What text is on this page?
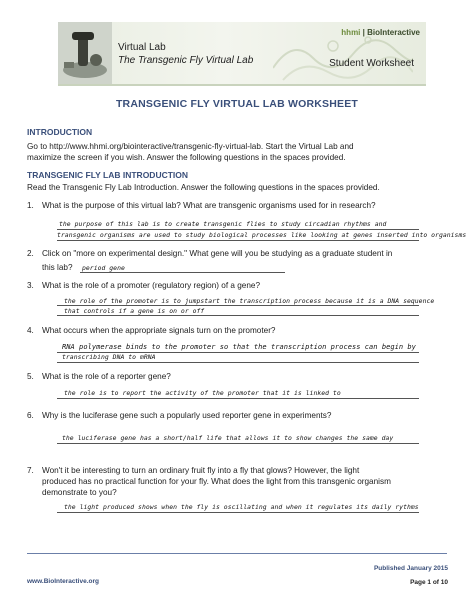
Virtual Lab
The Transgenic Fly Virtual Lab
hhmi | BioInteractive
Student Worksheet
TRANSGENIC FLY VIRTUAL LAB WORKSHEET
INTRODUCTION
Go to http://www.hhmi.org/biointeractive/transgenic-fly-virtual-lab. Start the Virtual Lab and
maximize the screen if you wish. Answer the following questions in the spaces provided.
TRANSGENIC FLY LAB INTRODUCTION
Read the Transgenic Fly Lab Introduction. Answer the following questions in the spaces provided.
1. What is the purpose of this virtual lab? What are transgenic organisms used for in research?
the purpose of this lab is to create transgenic flies to study circadian rhythms and
transgenic organisms are used to study biological processes like looking at genes inserted into organisms
2. Click on "more on experimental design." What gene will you be studying as a graduate student in
this lab? period gene
3. What is the role of a promoter (regulatory region) of a gene?
the role of the promoter is to jumpstart the transcription process because it is a DNA sequence
that controls if a gene is on or off
4. What occurs when the appropriate signals turn on the promoter?
RNA polymerase binds to the promoter so that the transcription process can begin by
transcribing DNA to mRNA
5. What is the role of a reporter gene?
the role is to report the activity of the promoter that it is linked to
6. Why is the luciferase gene such a popularly used reporter gene in experiments?
the luciferase gene has a short/half life that allows it to show changes the same day
7. Won't it be interesting to turn an ordinary fruit fly into a fly that glows? However, the light
produced has no practical function for your fly. What does the light from this transgenic organism
demonstrate to you?
the light produced shows when the fly is oscillating and when it regulates its daily rythms
Published January 2015
www.BioInteractive.org	Page 1 of 10
